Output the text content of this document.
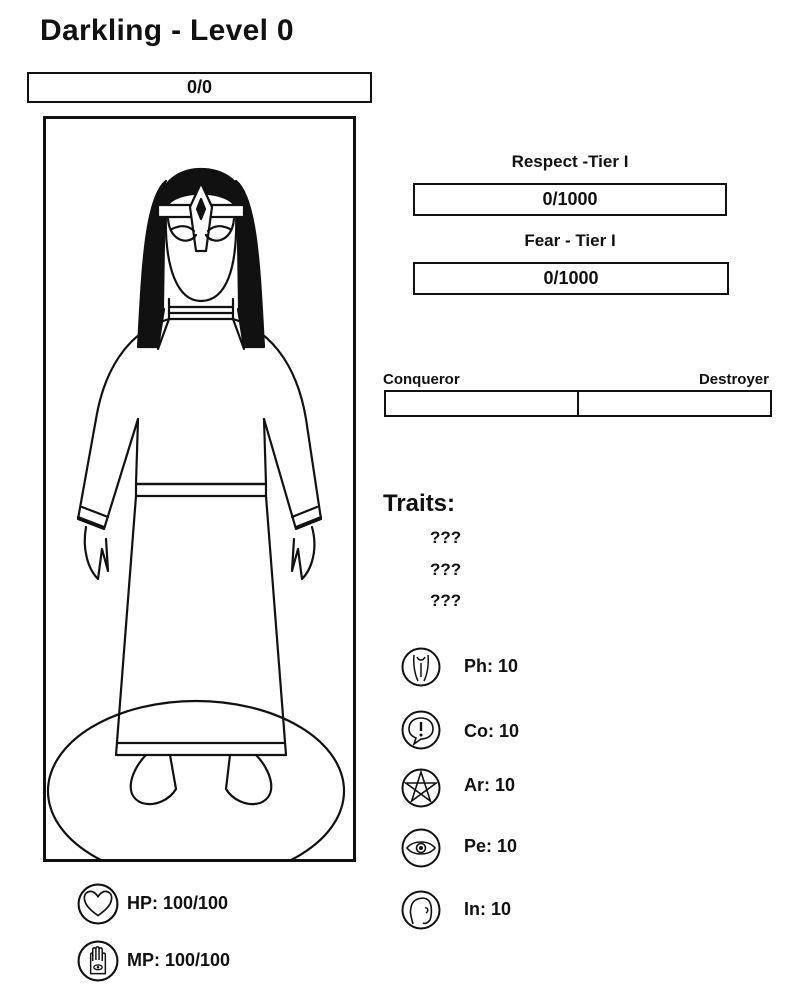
Darkling - Level 0
0/0
Respect -Tier I
0/1000
Fear - Tier I
0/1000
Conqueror	Destroyer
Traits:
???
???
???
Ph: 10
Co: 10
Ar: 10
Pe: 10
In: 10
HP: 100/100
MP: 100/100
